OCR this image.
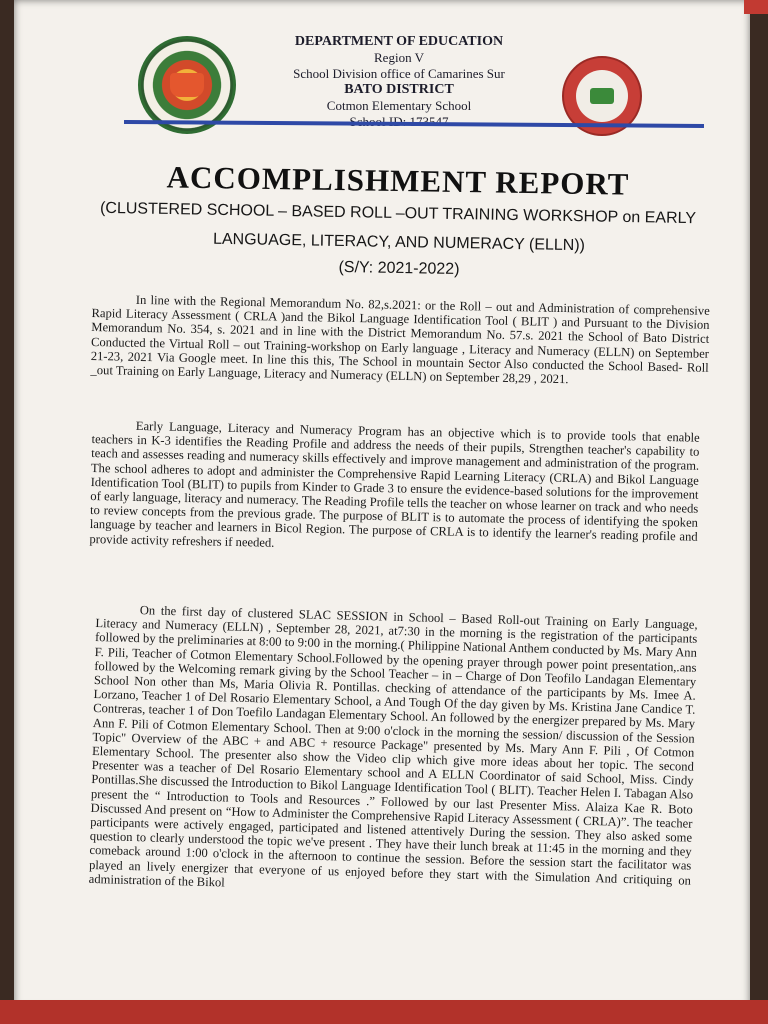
DEPARTMENT OF EDUCATION
Region V
School Division office of Camarines Sur
BATO DISTRICT
Cotmon Elementary School
ACCOMPLISHMENT REPORT
(CLUSTERED SCHOOL – BASED ROLL –OUT TRAINING WORKSHOP on EARLY
LANGUAGE, LITERACY, AND NUMERACY (ELLN))
(S/Y: 2021-2022)
In line with the Regional Memorandum No. 82,s.2021: or the Roll – out and Administration of comprehensive Rapid Literacy Assessment ( CRLA )and the Bikol Language Identification Tool ( BLIT ) and Pursuant to the Division Memorandum No. 354, s. 2021 and in line with the District Memorandum No. 57.s. 2021 the School of Bato District Conducted the Virtual Roll – out Training-workshop on Early language , Literacy and Numeracy (ELLN) on September 21-23, 2021 Via Google meet. In line this this, The School in mountain Sector Also conducted the School Based- Roll _out Training on Early Language, Literacy and Numeracy (ELLN) on September 28,29 , 2021.
Early Language, Literacy and Numeracy Program has an objective which is to provide tools that enable teachers in K-3 identifies the Reading Profile and address the needs of their pupils, Strengthen teacher's capability to teach and assesses reading and numeracy skills effectively and improve management and administration of the program. The school adheres to adopt and administer the Comprehensive Rapid Learning Literacy (CRLA) and Bikol Language Identification Tool (BLIT) to pupils from Kinder to Grade 3 to ensure the evidence-based solutions for the improvement of early language, literacy and numeracy. The Reading Profile tells the teacher on whose learner on track and who needs to review concepts from the previous grade. The purpose of BLIT is to automate the process of identifying the spoken language by teacher and learners in Bicol Region. The purpose of CRLA is to identify the learner's reading profile and provide activity refreshers if needed.
On the first day of clustered SLAC SESSION in School – Based Roll-out Training on Early Language, Literacy and Numeracy (ELLN) , September 28, 2021, at7:30 in the morning is the registration of the participants followed by the preliminaries at 8:00 to 9:00 in the morning.( Philippine National Anthem conducted by Ms. Mary Ann F. Pili, Teacher of Cotmon Elementary School.Followed by the opening prayer through power point presentation,.ans followed by the Welcoming remark giving by the School Teacher – in – Charge of Don Teofilo Landagan Elementary School Non other than Ms, Maria Olivia R. Pontillas. checking of attendance of the participants by Ms. Imee A. Lorzano, Teacher 1 of Del Rosario Elementary School, a And Tough Of the day given by Ms. Kristina Jane Candice T. Contreras, teacher 1 of Don Toefilo Landagan Elementary School. An followed by the energizer prepared by Ms. Mary Ann F. Pili of Cotmon Elementary School. Then at 9:00 o'clock in the morning the session/ discussion of the Session Topic" Overview of the ABC + and ABC + resource Package" presented by Ms. Mary Ann F. Pili , Of Cotmon Elementary School. The presenter also show the Video clip which give more ideas about her topic. The second Presenter was a teacher of Del Rosario Elementary school and A ELLN Coordinator of said School, Miss. Cindy Pontillas.She discussed the Introduction to Bikol Language Identification Tool ( BLIT). Teacher Helen I. Tabagan Also present the “ Introduction to Tools and Resources .” Followed by our last Presenter Miss. Alaiza Kae R. Boto Discussed And present on “How to Administer the Comprehensive Rapid Literacy Assessment ( CRLA)”. The teacher participants were actively engaged, participated and listened attentively During the session. They also asked some question to clearly understood the topic we've present . They have their lunch break at 11:45 in the morning and they comeback around 1:00 o'clock in the afternoon to continue the session. Before the session start the facilitator was played an lively energizer that everyone of us enjoyed before they start with the Simulation And critiquing on administration of the Bikol
